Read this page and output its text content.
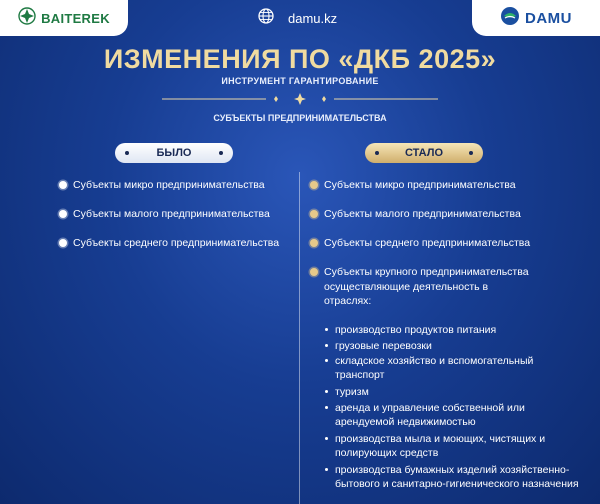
BAITEREK	damu.kz	DAMU
ИЗМЕНЕНИЯ ПО «ДКБ 2025»
ИНСТРУМЕНТ ГАРАНТИРОВАНИЕ
СУБЪЕКТЫ ПРЕДПРИНИМАТЕЛЬСТВА
БЫЛО	СТАЛО
Субъекты микро предпринимательства
Субъекты малого предпринимательства
Субъекты среднего предпринимательства
Субъекты микро предпринимательства
Субъекты малого предпринимательства
Субъекты среднего предпринимательства
Субъекты крупного предпринимательства
осуществляющие деятельность в
отраслях:
производство продуктов питания
грузовые перевозки
складское хозяйство и вспомогательный
транспорт
туризм
аренда и управление собственной или
арендуемой недвижимостью
производства мыла и моющих, чистящих и
полирующих средств
производства бумажных изделий хозяйственно-
бытового и санитарно-гигиенического назначения
